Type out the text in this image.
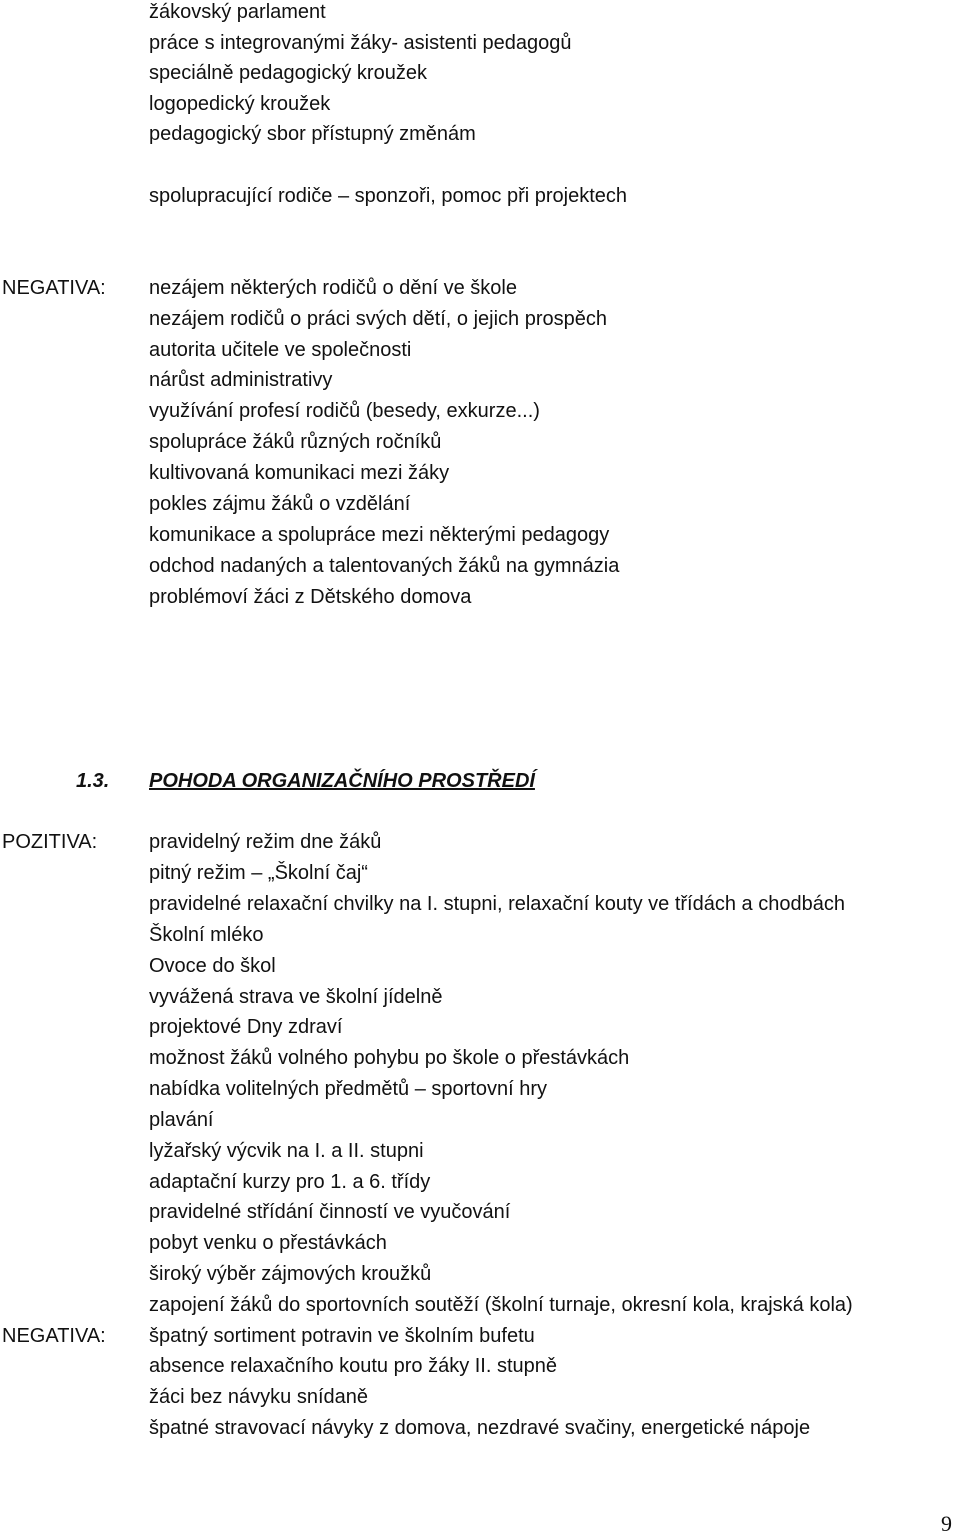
žákovský parlament
práce s integrovanými žáky- asistenti pedagogů
speciálně pedagogický kroužek
logopedický kroužek
pedagogický sbor přístupný změnám
spolupracující rodiče – sponzoři, pomoc při projektech
NEGATIVA: nezájem některých rodičů o dění ve škole
nezájem rodičů o práci svých dětí, o jejich prospěch
autorita učitele ve společnosti
nárůst administrativy
využívání profesí rodičů (besedy, exkurze...)
spolupráce žáků různých ročníků
kultivovaná komunikaci mezi žáky
pokles zájmu žáků o vzdělání
komunikace a spolupráce mezi některými pedagogy
odchod nadaných a talentovaných žáků na gymnázia
problémoví žáci z Dětského domova
1.3. POHODA ORGANIZAČNÍHO PROSTŘEDÍ
POZITIVA:	pravidelný režim dne žáků
pitný režim – „Školní čaj“
pravidelné relaxační chvilky na I. stupni, relaxační kouty ve třídách a chodbách
Školní mléko
Ovoce do škol
vyvážená strava ve školní jídelně
projektové Dny zdraví
možnost žáků volného pohybu po škole o přestávkách
nabídka volitelných předmětů – sportovní hry
plavání
lyžařský výcvik na I. a II. stupni
adaptační kurzy pro 1. a 6. třídy
pravidelné střídání činností ve vyučování
pobyt venku o přestávkách
široký výběr zájmových kroužků
zapojení žáků do sportovních soutěží (školní turnaje, okresní kola, krajská kola)
NEGATIVA: špatný sortiment potravin ve školním bufetu
absence relaxačního koutu pro žáky II. stupně
žáci bez návyku snídaně
špatné stravovací návyky z domova, nezdravé svačiny, energetické nápoje
9
